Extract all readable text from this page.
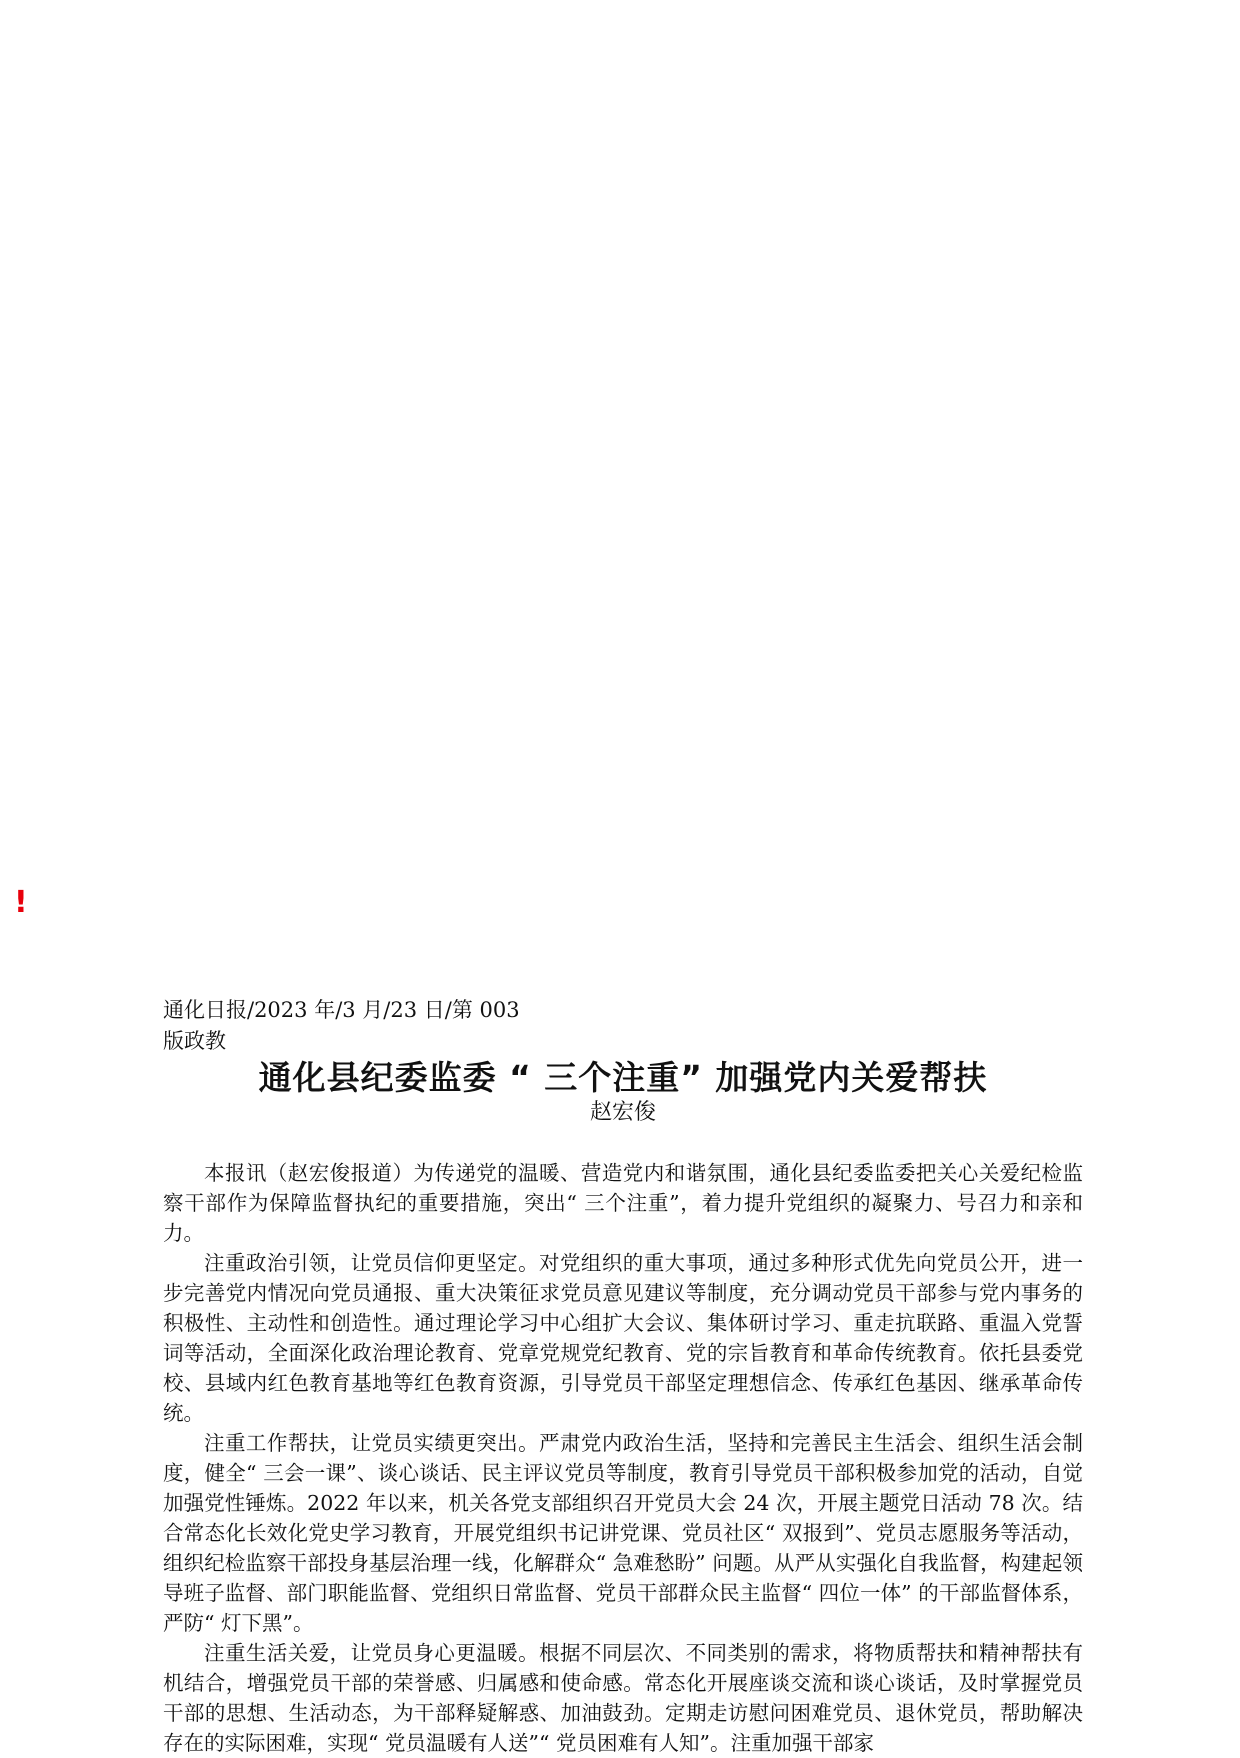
!
通化日报/2023 年/3 月/23 日/第 003
版政教
通化县纪委监委 “ 三个注重” 加强党内关爱帮扶
赵宏俊

本报讯（赵宏俊报道）为传递党的温暖、营造党内和谐氛围，通化县纪委监委把关心关爱纪检监察干部作为保障监督执纪的重要措施，突出“ 三个注重”，着力提升党组织的凝聚力、号召力和亲和力。

注重政治引领，让党员信仰更坚定。对党组织的重大事项，通过多种形式优先向党员公开，进一步完善党内情况向党员通报、重大决策征求党员意见建议等制度，充分调动党员干部参与党内事务的积极性、主动性和创造性。通过理论学习中心组扩大会议、集体研讨学习、重走抗联路、重温入党誓词等活动，全面深化政治理论教育、党章党规党纪教育、党的宗旨教育和革命传统教育。依托县委党校、县域内红色教育基地等红色教育资源，引导党员干部坚定理想信念、传承红色基因、继承革命传统。

注重工作帮扶，让党员实绩更突出。严肃党内政治生活，坚持和完善民主生活会、组织生活会制度，健全“ 三会一课”、谈心谈话、民主评议党员等制度，教育引导党员干部积极参加党的活动，自觉加强党性锤炼。2022 年以来，机关各党支部组织召开党员大会 24 次，开展主题党日活动 78 次。结合常态化长效化党史学习教育，开展党组织书记讲党课、党员社区“ 双报到”、党员志愿服务等活动，组织纪检监察干部投身基层治理一线，化解群众“ 急难愁盼” 问题。从严从实强化自我监督，构建起领导班子监督、部门职能监督、党组织日常监督、党员干部群众民主监督“ 四位一体” 的干部监督体系，严防“ 灯下黑”。

注重生活关爱，让党员身心更温暖。根据不同层次、不同类别的需求，将物质帮扶和精神帮扶有机结合，增强党员干部的荣誉感、归属感和使命感。常态化开展座谈交流和谈心谈话，及时掌握党员干部的思想、生活动态，为干部释疑解惑、加油鼓劲。定期走访慰问困难党员、退休党员，帮助解决存在的实际困难，实现“ 党员温暖有人送”“ 党员困难有人知”。注重加强干部家
